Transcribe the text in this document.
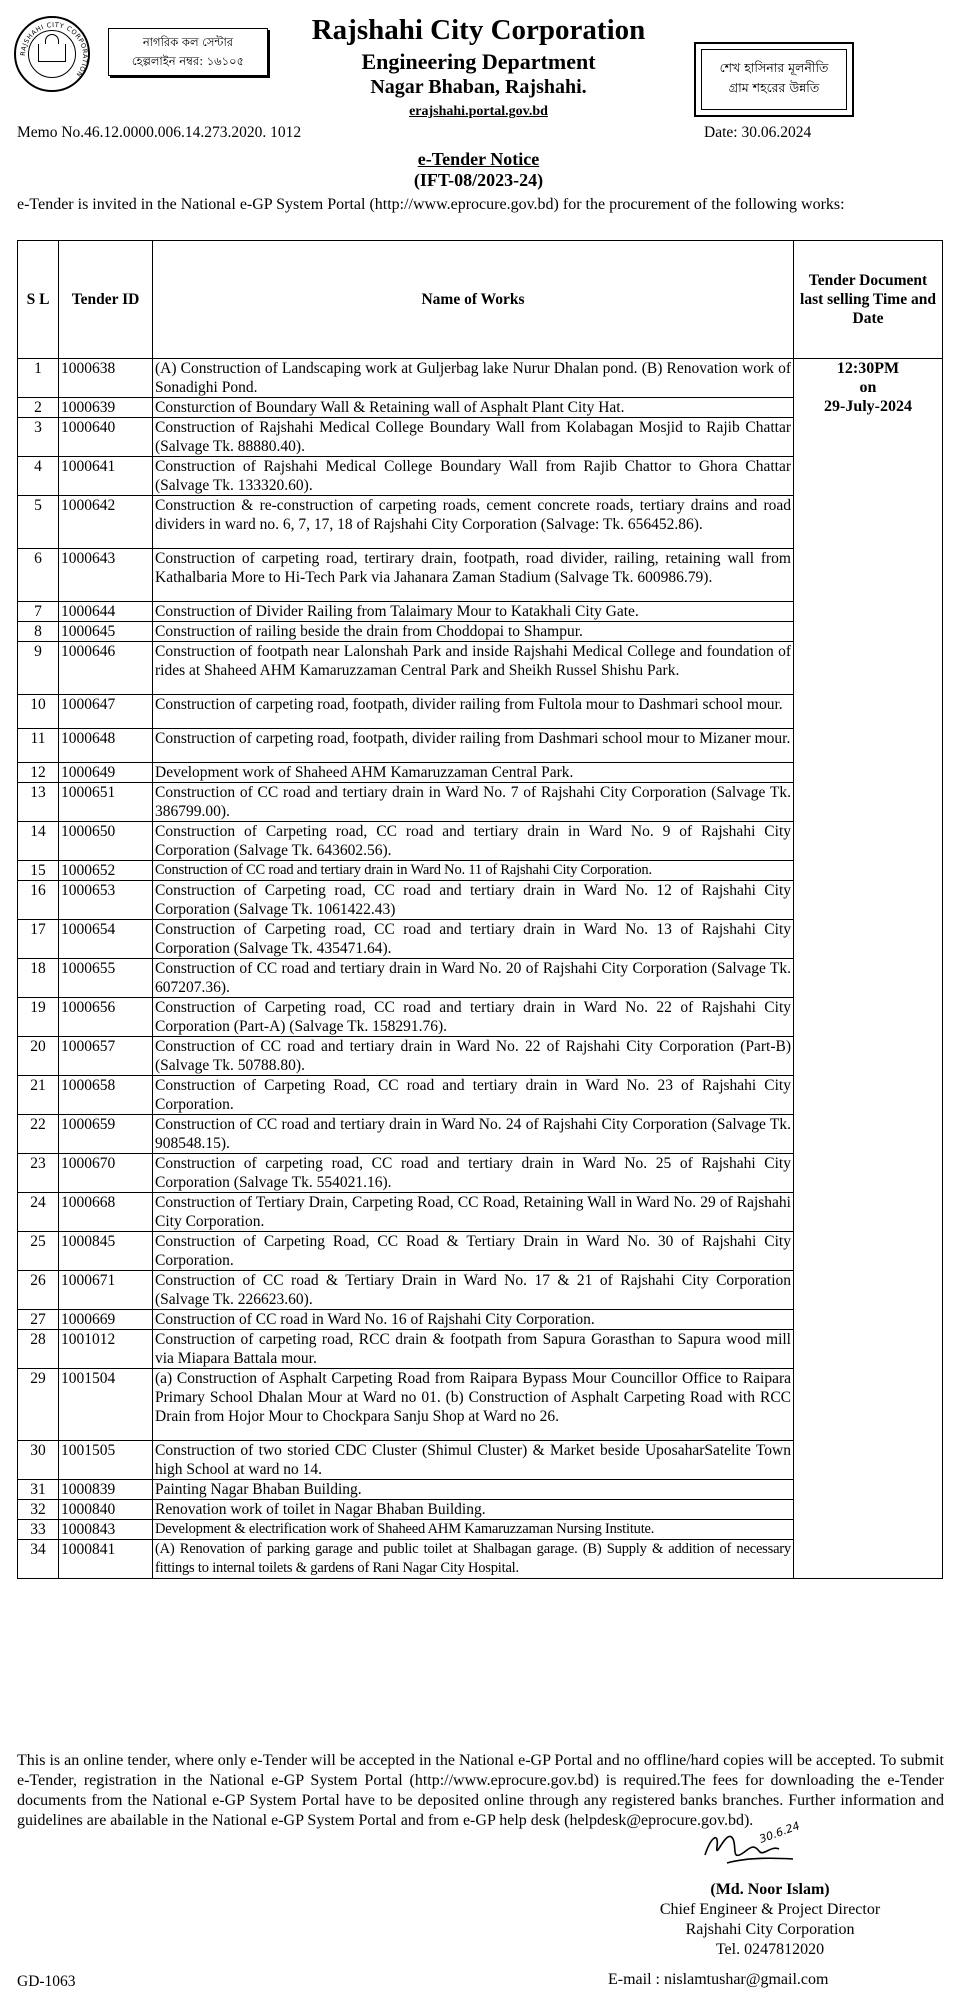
RAJSHAHI CITY CORPORATION
নাগরিক কল সেন্টার
হেল্পলাইন নম্বর: ১৬১০৫
Rajshahi City Corporation
Engineering Department
Nagar Bhaban, Rajshahi.
erajshahi.portal.gov.bd
শেখ হাসিনার মূলনীতি
গ্রাম শহরের উন্নতি
Memo No.46.12.0000.006.14.273.2020. 1012	Date: 30.06.2024
e-Tender Notice
(IFT-08/2023-24)
e-Tender is invited in the National e-GP System Portal (http://www.eprocure.gov.bd) for the procurement of the following works:
S L	Tender ID	Name of Works	Tender Document last selling Time and Date
1	1000638	(A) Construction of Landscaping work at Guljerbag lake Nurur Dhalan pond. (B) Renovation work of Sonadighi Pond.	12:30PM
on
29-July-2024

2	1000639	Consturction of Boundary Wall & Retaining wall of Asphalt Plant City Hat.	
3	1000640	Construction of Rajshahi Medical College Boundary Wall from Kolabagan Mosjid to Rajib Chattar (Salvage Tk. 88880.40).	
4	1000641	Construction of Rajshahi Medical College Boundary Wall from Rajib Chattor to Ghora Chattar (Salvage Tk. 133320.60).	
5	1000642	Construction & re-construction of carpeting roads, cement concrete roads, tertiary drains and road dividers in ward no. 6, 7, 17, 18 of Rajshahi City Corporation (Salvage: Tk. 656452.86).	
6	1000643	Construction of carpeting road, tertirary drain, footpath, road divider, railing, retaining wall from Kathalbaria More to Hi-Tech Park via Jahanara Zaman Stadium (Salvage Tk. 600986.79).	
7	1000644	Construction of Divider Railing from Talaimary Mour to Katakhali City Gate.	
8	1000645	Construction of railing beside the drain from Choddopai to Shampur.	
9	1000646	Construction of footpath near Lalonshah Park and inside Rajshahi Medical College and foundation of rides at Shaheed AHM Kamaruzzaman Central Park and Sheikh Russel Shishu Park.	
10	1000647	Construction of carpeting road, footpath, divider railing from Fultola mour to Dashmari school mour.	
11	1000648	Construction of carpeting road, footpath, divider railing from Dashmari school mour to Mizaner mour.	
12	1000649	Development work of Shaheed AHM Kamaruzzaman Central Park.	
13	1000651	Construction of CC road and tertiary drain in Ward No. 7 of Rajshahi City Corporation (Salvage Tk. 386799.00).	
14	1000650	Construction of Carpeting road, CC road and tertiary drain in Ward No. 9 of Rajshahi City Corporation (Salvage Tk. 643602.56).	
15	1000652	Construction of CC road and tertiary drain in Ward No. 11 of Rajshahi City Corporation.	
16	1000653	Construction of Carpeting road, CC road and tertiary drain in Ward No. 12 of Rajshahi City Corporation (Salvage Tk. 1061422.43)	
17	1000654	Construction of Carpeting road, CC road and tertiary drain in Ward No. 13 of Rajshahi City Corporation (Salvage Tk. 435471.64).	
18	1000655	Construction of CC road and tertiary drain in Ward No. 20 of Rajshahi City Corporation (Salvage Tk. 607207.36).	
19	1000656	Construction of Carpeting road, CC road and tertiary drain in Ward No. 22 of Rajshahi City Corporation (Part-A) (Salvage Tk. 158291.76).	
20	1000657	Construction of CC road and tertiary drain in Ward No. 22 of Rajshahi City Corporation (Part-B) (Salvage Tk. 50788.80).	
21	1000658	Construction of Carpeting Road, CC road and tertiary drain in Ward No. 23 of Rajshahi City Corporation.	
22	1000659	Construction of CC road and tertiary drain in Ward No. 24 of Rajshahi City Corporation (Salvage Tk. 908548.15).	
23	1000670	Construction of carpeting road, CC road and tertiary drain in Ward No. 25 of Rajshahi City Corporation (Salvage Tk. 554021.16).	
24	1000668	Construction of Tertiary Drain, Carpeting Road, CC Road, Retaining Wall in Ward No. 29 of Rajshahi City Corporation.	
25	1000845	Construction of Carpeting Road, CC Road & Tertiary Drain in Ward No. 30 of Rajshahi City Corporation.	
26	1000671	Construction of CC road & Tertiary Drain in Ward No. 17 & 21 of Rajshahi City Corporation (Salvage Tk. 226623.60).	
27	1000669	Construction of CC road in Ward No. 16 of Rajshahi City Corporation.	
28	1001012	Construction of carpeting road, RCC drain & footpath from Sapura Gorasthan to Sapura wood mill via Miapara Battala mour.	
29	1001504	(a) Construction of Asphalt Carpeting Road from Raipara Bypass Mour Councillor Office to Raipara Primary School Dhalan Mour at Ward no 01. (b) Construction of Asphalt Carpeting Road with RCC Drain from Hojor Mour to Chockpara Sanju Shop at Ward no 26.	
30	1001505	Construction of two storied CDC Cluster (Shimul Cluster) & Market beside UposaharSatelite Town high School at ward no 14.	
31	1000839	Painting Nagar Bhaban Building.	
32	1000840	Renovation work of toilet in Nagar Bhaban Building.	
33	1000843	Development & electrification work of Shaheed AHM Kamaruzzaman Nursing Institute.	
34	1000841	(A) Renovation of parking garage and public toilet at Shalbagan garage. (B) Supply & addition of necessary fittings to internal toilets & gardens of Rani Nagar City Hospital.	
This is an online tender, where only e-Tender will be accepted in the National e-GP Portal and no offline/hard copies will be accepted. To submit e-Tender, registration in the National e-GP System Portal (http://www.eprocure.gov.bd) is required.The fees for downloading the e-Tender documents from the National e-GP System Portal have to be deposited online through any registered banks branches. Further information and guidelines are abailable in the National e-GP System Portal and from e-GP help desk (helpdesk@eprocure.gov.bd). 30.6.24
(Md. Noor Islam)
Chief Engineer & Project Director
Rajshahi City Corporation
Tel. 0247812020
GD-1063	E-mail : nislamtushar@gmail.com
